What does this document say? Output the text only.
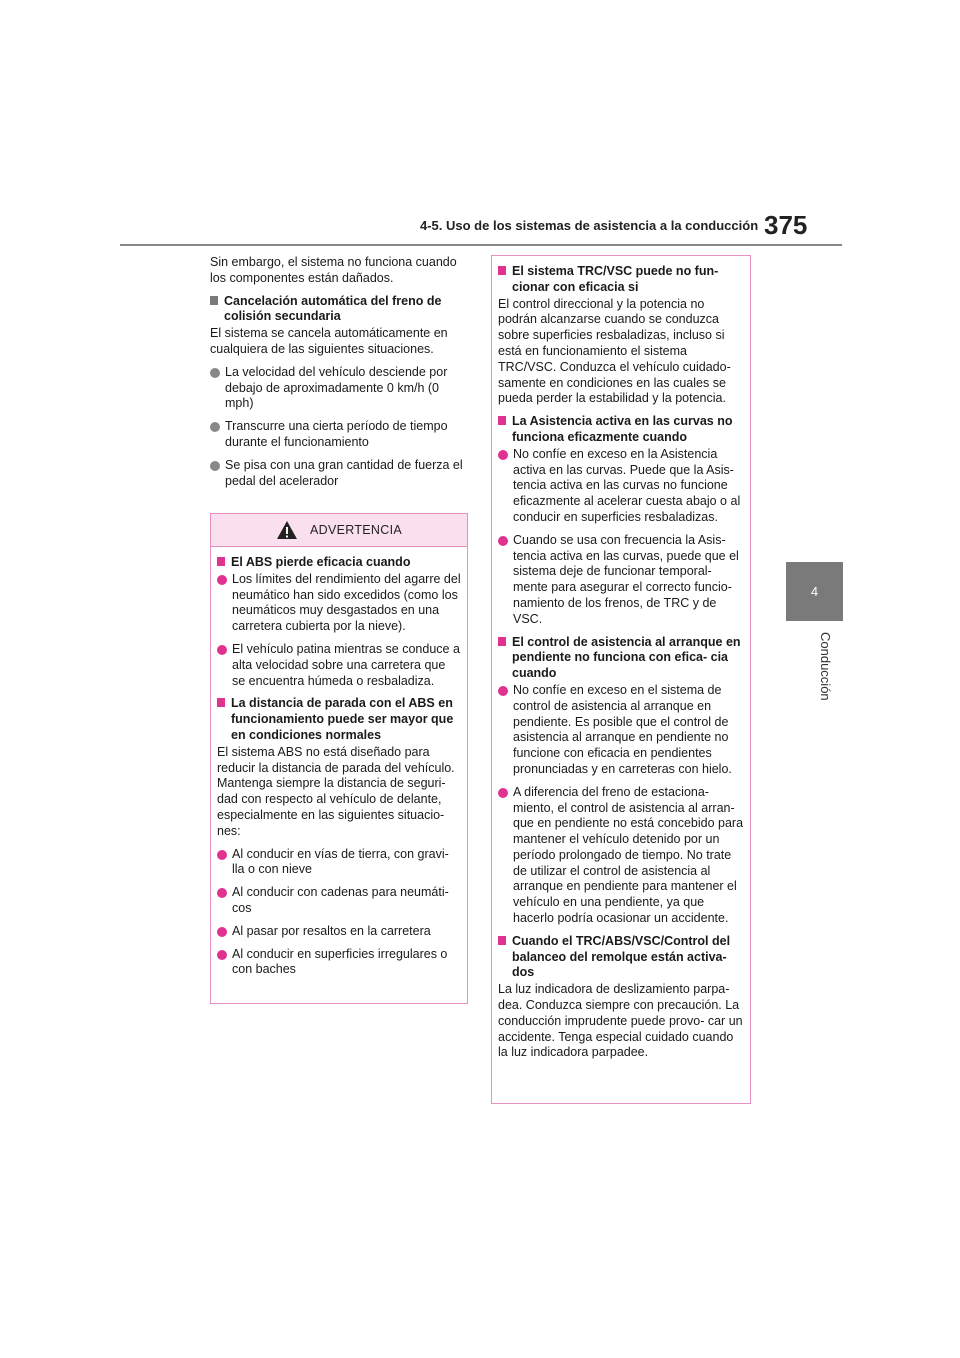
4-5. Uso de los sistemas de asistencia a la conducción 375
4
Conducción

Sin embargo, el sistema no funciona cuando los componentes están dañados.

Cancelación automática del freno de colisión secundaria

El sistema se cancela automáticamente en cualquiera de las siguientes situaciones.

La velocidad del vehículo desciende por debajo de aproximadamente 0 km/h (0 mph)
Transcurre una cierta período de tiempo durante el funcionamiento
Se pisa con una gran cantidad de fuerza el pedal del acelerador
ADVERTENCIA
El ABS pierde eficacia cuando
Los límites del rendimiento del agarre del neumático han sido excedidos (como los neumáticos muy desgastados en una carretera cubierta por la nieve).
El vehículo patina mientras se conduce a alta velocidad sobre una carretera que se encuentra húmeda o resbaladiza.
La distancia de parada con el ABS en funcionamiento puede ser mayor que en condiciones normales

El sistema ABS no está diseñado para reducir la distancia de parada del vehículo. Mantenga siempre la distancia de seguri- dad con respecto al vehículo de delante, especialmente en las siguientes situacio- nes:

Al conducir en vías de tierra, con gravi- lla o con nieve
Al conducir con cadenas para neumáti- cos
Al pasar por resaltos en la carretera
Al conducir en superficies irregulares o con baches
El sistema TRC/VSC puede no fun- cionar con eficacia si

El control direccional y la potencia no podrán alcanzarse cuando se conduzca sobre superficies resbaladizas, incluso si está en funcionamiento el sistema TRC/VSC. Conduzca el vehículo cuidado- samente en condiciones en las cuales se pueda perder la estabilidad y la potencia.

La Asistencia activa en las curvas no funciona eficazmente cuando
No confíe en exceso en la Asistencia activa en las curvas. Puede que la Asis- tencia activa en las curvas no funcione eficazmente al acelerar cuesta abajo o al conducir en superficies resbaladizas.
Cuando se usa con frecuencia la Asis- tencia activa en las curvas, puede que el sistema deje de funcionar temporal- mente para asegurar el correcto funcio- namiento de los frenos, de TRC y de VSC.
El control de asistencia al arranque en pendiente no funciona con efica- cia cuando
No confíe en exceso en el sistema de control de asistencia al arranque en pendiente. Es posible que el control de asistencia al arranque en pendiente no funcione con eficacia en pendientes pronunciadas y en carreteras con hielo.
A diferencia del freno de estaciona- miento, el control de asistencia al arran- que en pendiente no está concebido para mantener el vehículo detenido por un período prolongado de tiempo. No trate de utilizar el control de asistencia al arranque en pendiente para mantener el vehículo en una pendiente, ya que hacerlo podría ocasionar un accidente.
Cuando el TRC/ABS/VSC/Control del balanceo del remolque están activa- dos

La luz indicadora de deslizamiento parpa- dea. Conduzca siempre con precaución. La conducción imprudente puede provo- car un accidente. Tenga especial cuidado cuando la luz indicadora parpadee.
